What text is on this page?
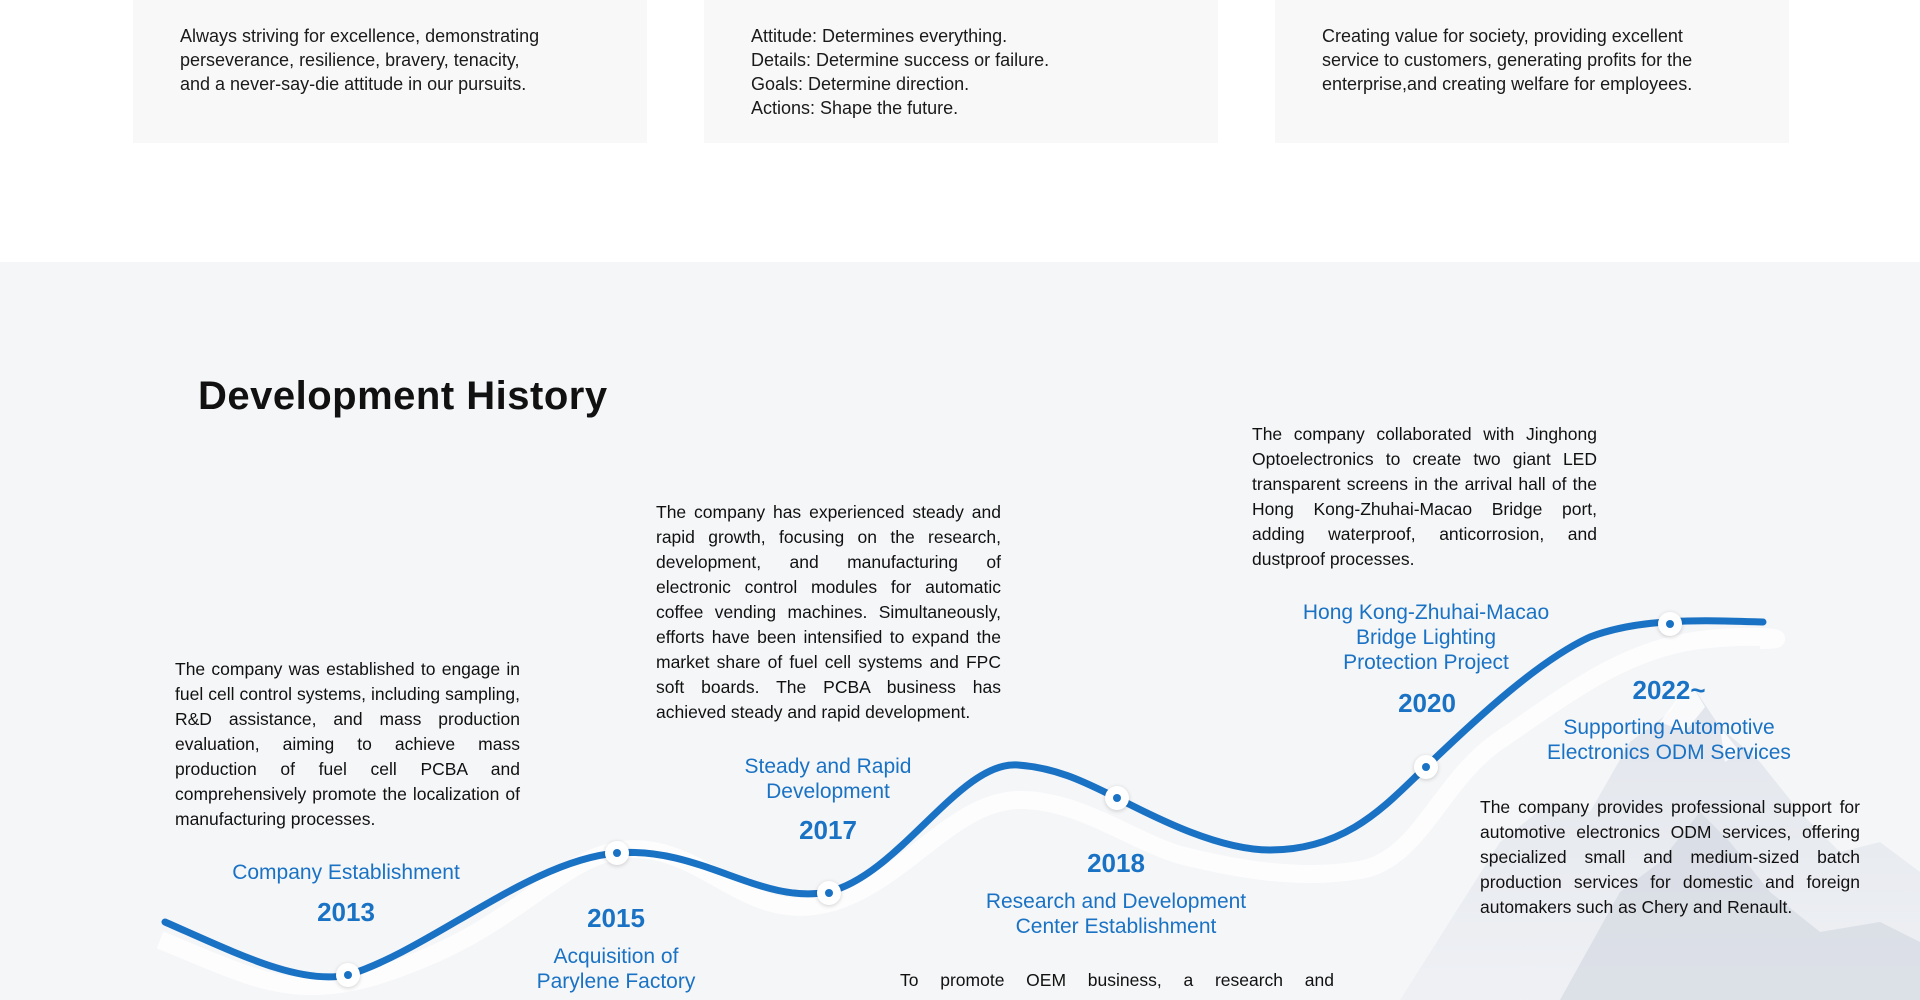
Always striving for excellence, demonstrating
perseverance, resilience, bravery, tenacity,
and a never-say-die attitude in our pursuits.

Attitude: Determines everything.
Details: Determine success or failure.
Goals: Determine direction.
Actions: Shape the future.

Creating value for society, providing excellent
service to customers, generating profits for the
enterprise,and creating welfare for employees.

Development History

The company was established to engage in fuel cell control systems, including sampling, R&D assistance, and mass production evaluation, aiming to achieve mass production of fuel cell PCBA and comprehensively promote the localization of manufacturing processes.

Company Establishment

2013	2015

Acquisition of
Parylene Factory

The company has experienced steady and rapid growth, focusing on the research, development, and manufacturing of electronic control modules for automatic coffee vending machines. Simultaneously, efforts have been intensified to expand the market share of fuel cell systems and FPC soft boards. The PCBA business has achieved steady and rapid development.

Steady and Rapid
Development

2017

2018

Research and Development
Center Establishment

To promote OEM business, a research and

The company collaborated with Jinghong Optoelectronics to create two giant LED transparent screens in the arrival hall of the Hong Kong-Zhuhai-Macao Bridge port, adding waterproof, anticorrosion, and dustproof processes.

Hong Kong-Zhuhai-Macao
Bridge Lighting
Protection Project

2020	2022~

Supporting Automotive
Electronics ODM Services

The company provides professional support for automotive electronics ODM services, offering specialized small and medium-sized batch production services for domestic and foreign automakers such as Chery and Renault.
